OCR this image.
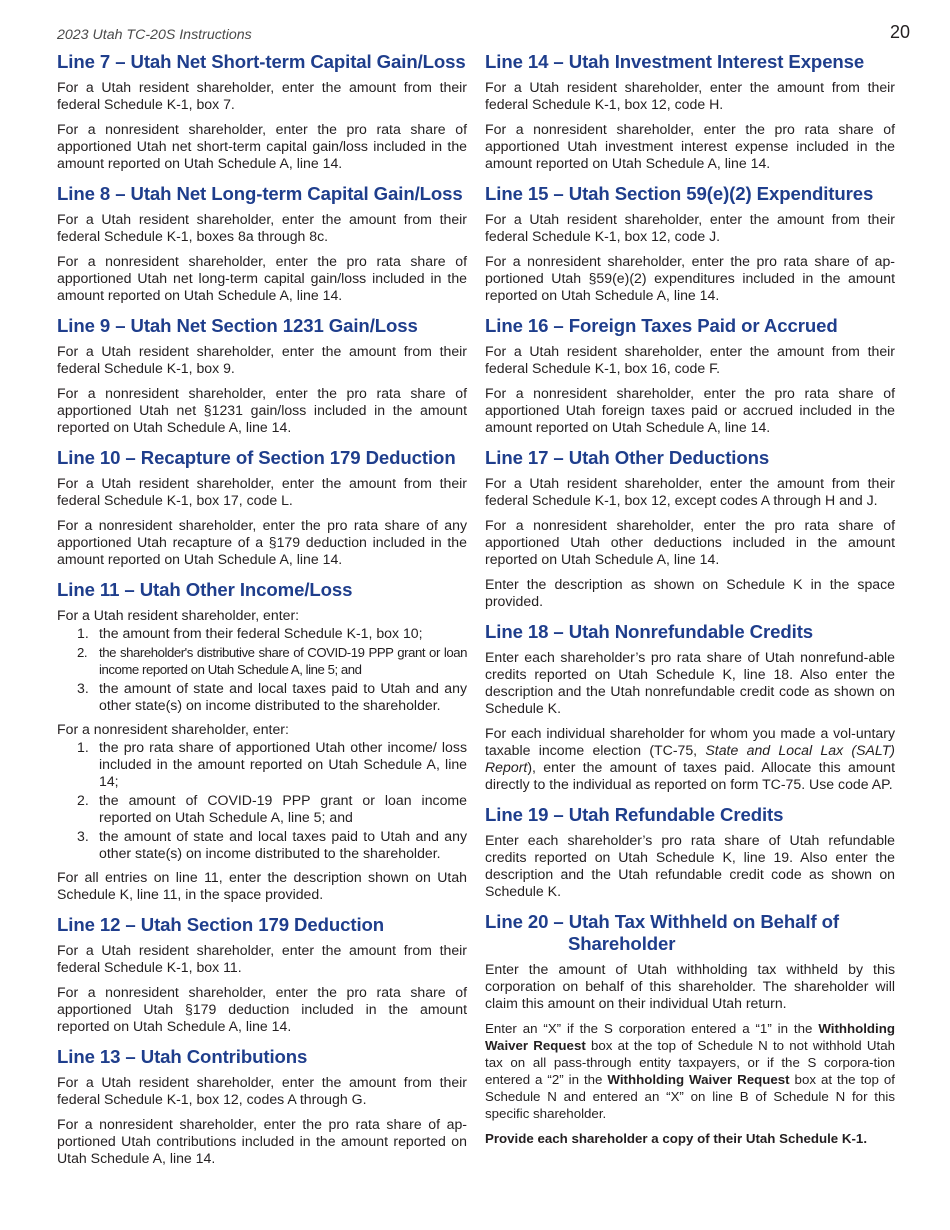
2023 Utah TC-20S Instructions	20
Line 7 – Utah Net Short-term Capital Gain/Loss

For a Utah resident shareholder, enter the amount from their federal Schedule K-1, box 7.

For a nonresident shareholder, enter the pro rata share of apportioned Utah net short-term capital gain/loss included in the amount reported on Utah Schedule A, line 14.

Line 8 – Utah Net Long-term Capital Gain/Loss

For a Utah resident shareholder, enter the amount from their federal Schedule K-1, boxes 8a through 8c.

For a nonresident shareholder, enter the pro rata share of apportioned Utah net long-term capital gain/loss included in the amount reported on Utah Schedule A, line 14.

Line 9 – Utah Net Section 1231 Gain/Loss

For a Utah resident shareholder, enter the amount from their federal Schedule K-1, box 9.

For a nonresident shareholder, enter the pro rata share of apportioned Utah net §1231 gain/loss included in the amount reported on Utah Schedule A, line 14.

Line 10 – Recapture of Section 179 Deduction

For a Utah resident shareholder, enter the amount from their federal Schedule K-1, box 17, code L.

For a nonresident shareholder, enter the pro rata share of any apportioned Utah recapture of a §179 deduction included in the amount reported on Utah Schedule A, line 14.

Line 11 – Utah Other Income/Loss

For a Utah resident shareholder, enter:

1. the amount from their federal Schedule K-1, box 10;
2. the shareholder's distributive share of COVID-19 PPP grant or loan income reported on Utah Schedule A, line 5; and
3. the amount of state and local taxes paid to Utah and any other state(s) on income distributed to the shareholder.

For a nonresident shareholder, enter:

1. the pro rata share of apportioned Utah other income/ loss included in the amount reported on Utah Schedule A, line 14;
2. the amount of COVID-19 PPP grant or loan income reported on Utah Schedule A, line 5; and
3. the amount of state and local taxes paid to Utah and any other state(s) on income distributed to the shareholder.

For all entries on line 11, enter the description shown on Utah Schedule K, line 11, in the space provided.

Line 12 – Utah Section 179 Deduction

For a Utah resident shareholder, enter the amount from their federal Schedule K-1, box 11.

For a nonresident shareholder, enter the pro rata share of apportioned Utah §179 deduction included in the amount reported on Utah Schedule A, line 14.

Line 13 – Utah Contributions

For a Utah resident shareholder, enter the amount from their federal Schedule K-1, box 12, codes A through G.

For a nonresident shareholder, enter the pro rata share of ap-portioned Utah contributions included in the amount reported on Utah Schedule A, line 14.

Line 14 – Utah Investment Interest Expense

For a Utah resident shareholder, enter the amount from their federal Schedule K-1, box 12, code H.

For a nonresident shareholder, enter the pro rata share of apportioned Utah investment interest expense included in the amount reported on Utah Schedule A, line 14.

Line 15 – Utah Section 59(e)(2) Expenditures

For a Utah resident shareholder, enter the amount from their federal Schedule K-1, box 12, code J.

For a nonresident shareholder, enter the pro rata share of ap-portioned Utah §59(e)(2) expenditures included in the amount reported on Utah Schedule A, line 14.

Line 16 – Foreign Taxes Paid or Accrued

For a Utah resident shareholder, enter the amount from their federal Schedule K-1, box 16, code F.

For a nonresident shareholder, enter the pro rata share of apportioned Utah foreign taxes paid or accrued included in the amount reported on Utah Schedule A, line 14.

Line 17 – Utah Other Deductions

For a Utah resident shareholder, enter the amount from their federal Schedule K-1, box 12, except codes A through H and J.

For a nonresident shareholder, enter the pro rata share of apportioned Utah other deductions included in the amount reported on Utah Schedule A, line 14.

Enter the description as shown on Schedule K in the space provided.

Line 18 – Utah Nonrefundable Credits

Enter each shareholder’s pro rata share of Utah nonrefund-able credits reported on Utah Schedule K, line 18. Also enter the description and the Utah nonrefundable credit code as shown on Schedule K.

For each individual shareholder for whom you made a vol-untary taxable income election (TC-75, State and Local Lax (SALT) Report), enter the amount of taxes paid. Allocate this amount directly to the individual as reported on form TC-75. Use code AP.

Line 19 – Utah Refundable Credits

Enter each shareholder’s pro rata share of Utah refundable credits reported on Utah Schedule K, line 19. Also enter the description and the Utah refundable credit code as shown on Schedule K.

Line 20 – Utah Tax Withheld on Behalf of
Shareholder

Enter the amount of Utah withholding tax withheld by this corporation on behalf of this shareholder. The shareholder will claim this amount on their individual Utah return.

Enter an “X” if the S corporation entered a “1” in the Withholding Waiver Request box at the top of Schedule N to not withhold Utah tax on all pass-through entity taxpayers, or if the S corpora-tion entered a “2” in the Withholding Waiver Request box at the top of Schedule N and entered an “X” on line B of Schedule N for this specific shareholder.

Provide each shareholder a copy of their Utah Schedule K-1.
